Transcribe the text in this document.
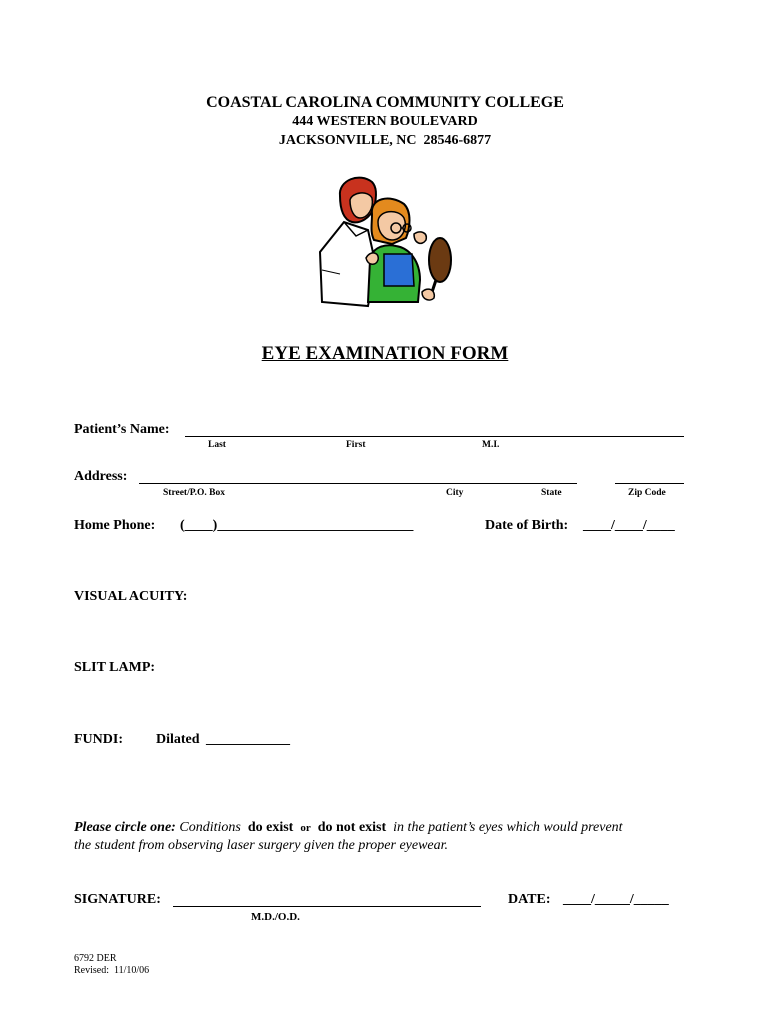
COASTAL CAROLINA COMMUNITY COLLEGE
444 WESTERN BOULEVARD
JACKSONVILLE, NC  28546-6877
EYE EXAMINATION FORM
Patient’s Name:
Last	First	M.I.
Address:
Street/P.O. Box	City	State	Zip Code
Home Phone: (____)____________________________	Date of Birth: ____/____/____
VISUAL ACUITY:
SLIT LAMP:
FUNDI: Dilated ____________
Please circle one: Conditions do exist or do not exist in the patient’s eyes which would prevent
the student from observing laser surgery given the proper eyewear.
SIGNATURE:
M.D./O.D.
DATE: ____/_____/_____
6792 DER
Revised:  11/10/06
